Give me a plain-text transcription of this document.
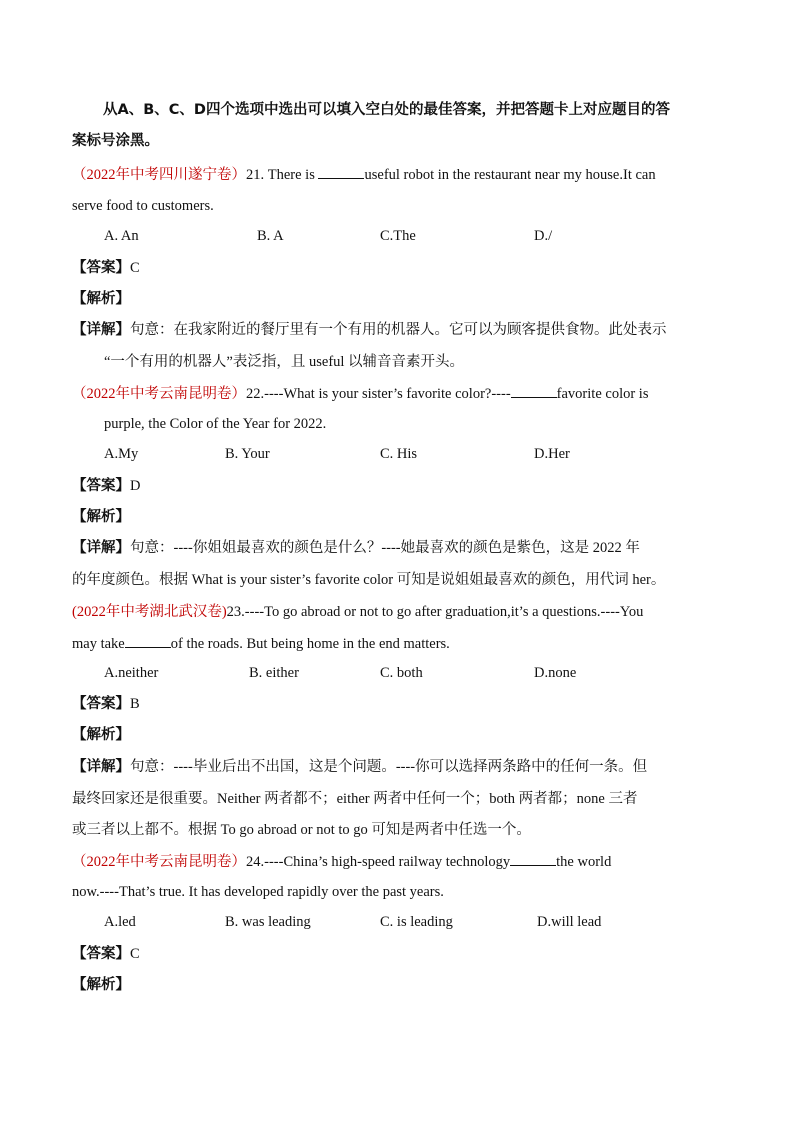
从A、B、C、D四个选项中选出可以填入空白处的最佳答案，并把答题卡上对应题目的答
案标号涂黑。
（2022年中考四川遂宁卷）21. There is	useful robot in the restaurant near my house.It can
serve food to customers.
A. An	B. A	C.The	D./
【答案】C
【解析】
【详解】句意：在我家附近的餐厅里有一个有用的机器人。它可以为顾客提供食物。此处表示
“一个有用的机器人”表泛指，且 useful 以辅音音素开头。
（2022年中考云南昆明卷）22.----What is your sister’s favorite color?----	favorite color is
purple, the Color of the Year for 2022.
A.My	B. Your	C. His	D.Her
【答案】D
【解析】
【详解】句意：----你姐姐最喜欢的颜色是什么？----她最喜欢的颜色是紫色，这是 2022 年
的年度颜色。根据 What is your sister’s favorite color 可知是说姐姐最喜欢的颜色，用代词 her。
(2022年中考湖北武汉卷)23.----To go abroad or not to go after graduation,it’s a questions.----You
may take	of the roads. But being home in the end matters.
A.neither	B. either	C. both	D.none
【答案】B
【解析】
【详解】句意：----毕业后出不出国，这是个问题。----你可以选择两条路中的任何一条。但
最终回家还是很重要。Neither 两者都不；either 两者中任何一个；both 两者都；none 三者
或三者以上都不。根据 To go abroad or not to go 可知是两者中任选一个。
（2022年中考云南昆明卷）24.----China’s high-speed railway technology	the world
now.----That’s true. It has developed rapidly over the past years.
A.led	B. was leading	C. is leading	D.will lead
【答案】C
【解析】
